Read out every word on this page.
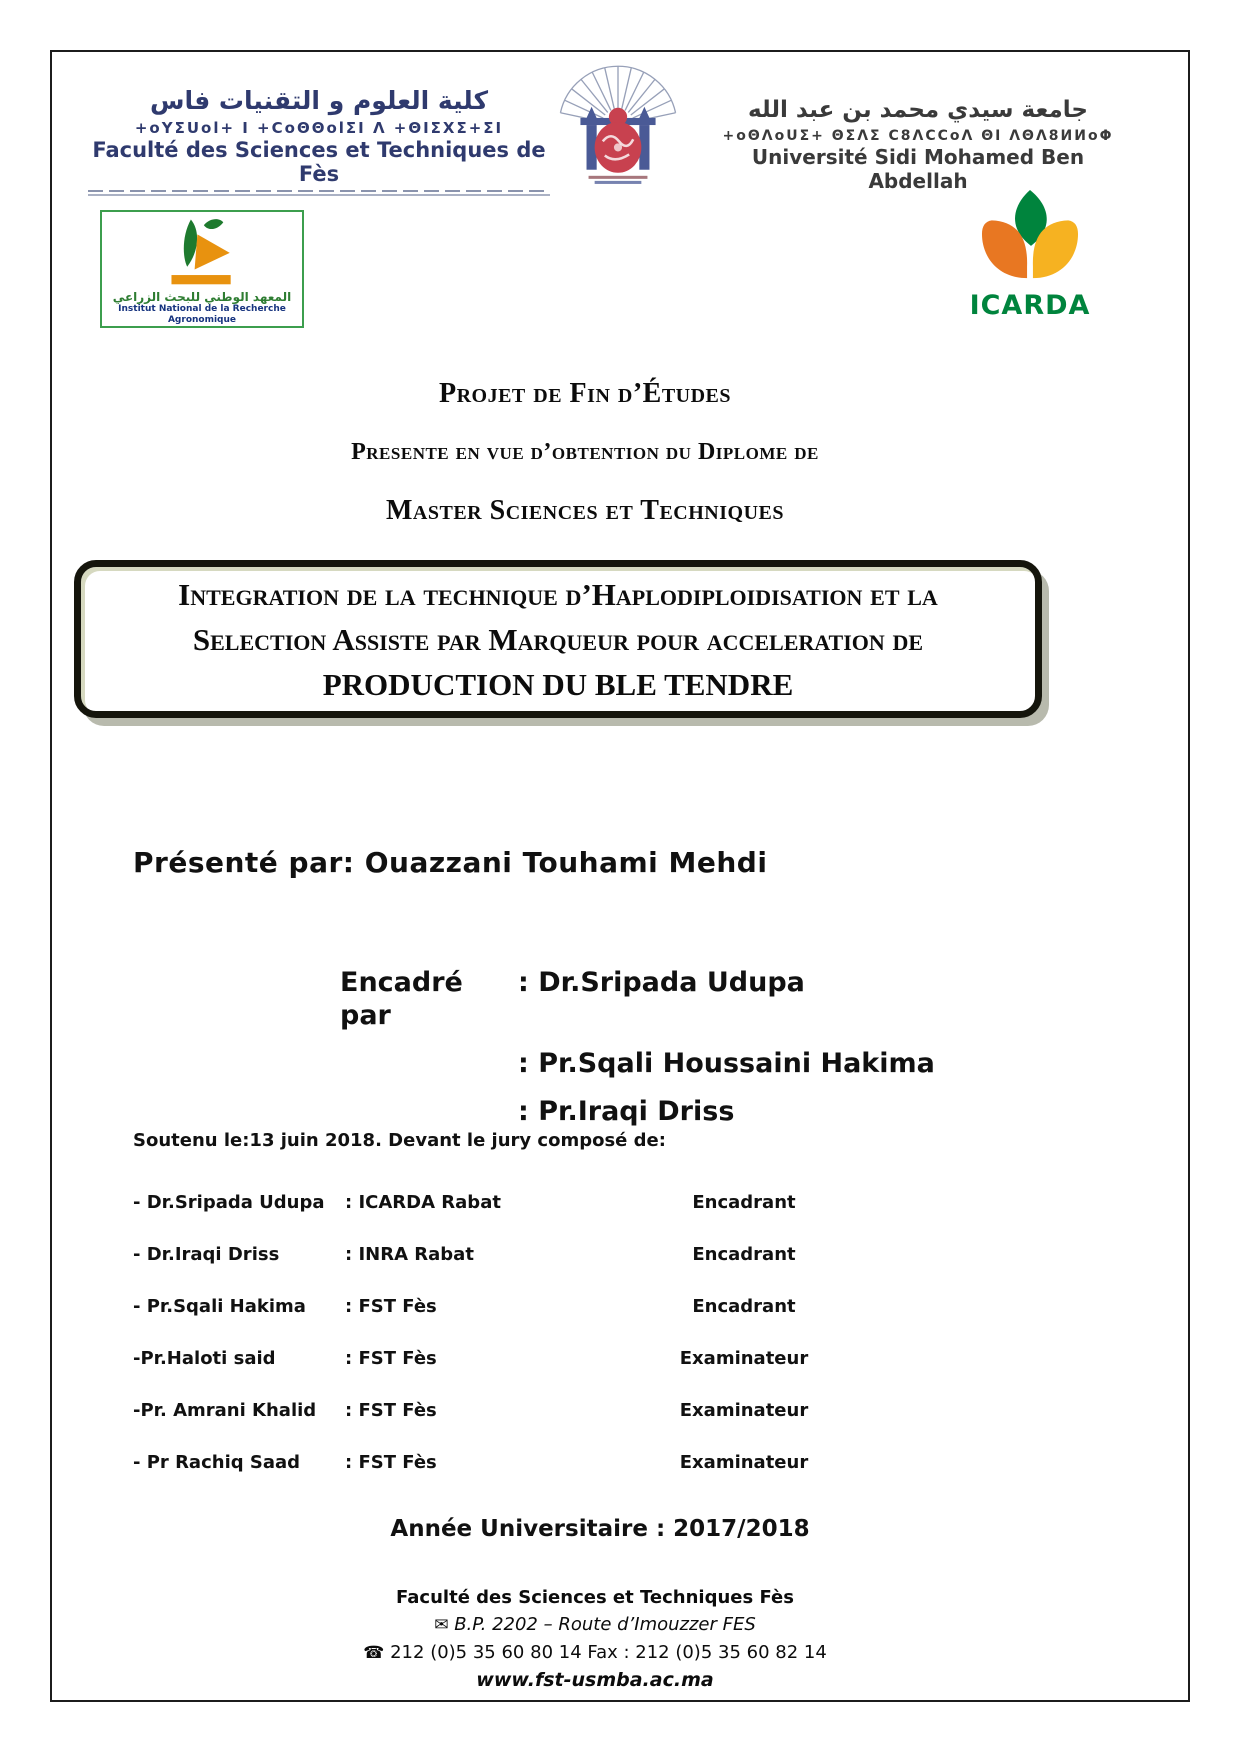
كلية العلوم و التقنيات فاس
+oYΣUol+ I +CoΘΘolΣI Λ +ΘIΣXΣ+ΣI
Faculté des Sciences et Techniques de Fès
جامعة سيدي محمد بن عبد الله
+oΘΛoUΣ+ ΘΣΛΣ C8ΛCCoΛ ΘI ΛΘΛ8ИИoΦ
Université Sidi Mohamed Ben Abdellah
المعهد الوطني للبحث الزراعي
Institut National de la Recherche Agronomique	ICARDA
Projet de Fin d’Études
Presente en vue d’obtention du Diplome de
Master Sciences et Techniques
Integration de la technique d’Haplodiploidisation et la
Selection Assiste par Marqueur pour acceleration de
PRODUCTION DU BLE TENDRE
Présenté par: Ouazzani Touhami Mehdi
Encadré par
: Dr.Sripada Udupa
: Pr.Sqali Houssaini Hakima
: Pr.Iraqi Driss
Soutenu le:13 juin 2018. Devant le jury composé de:
- Dr.Sripada Udupa	: ICARDA Rabat	Encadrant
- Dr.Iraqi Driss	: INRA Rabat	Encadrant
- Pr.Sqali Hakima	: FST Fès	Encadrant
-Pr.Haloti said	: FST Fès	Examinateur
-Pr. Amrani Khalid	: FST Fès	Examinateur
- Pr Rachiq Saad	: FST Fès	Examinateur
Année Universitaire : 2017/2018
Faculté des Sciences et Techniques Fès
✉ B.P. 2202 – Route d’Imouzzer FES
☎ 212 (0)5 35 60 80 14 Fax : 212 (0)5 35 60 82 14
www.fst-usmba.ac.ma
